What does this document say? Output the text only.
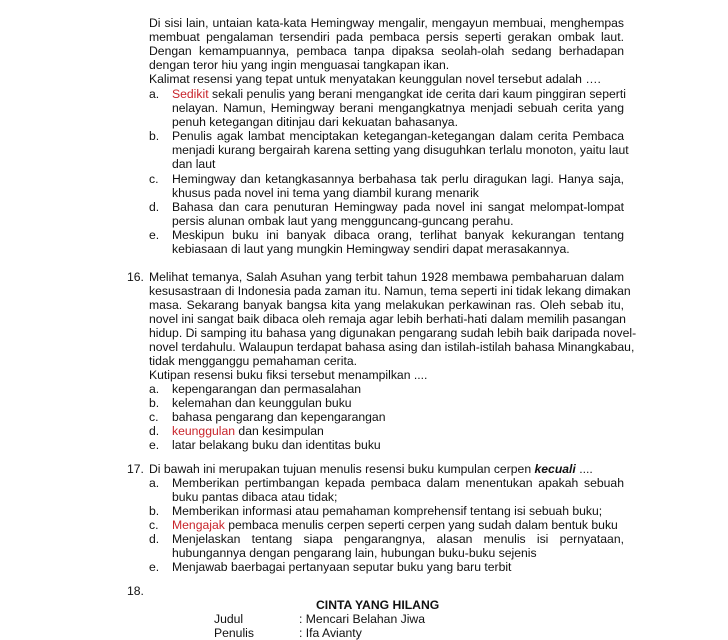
Di sisi lain, untaian kata-kata Hemingway mengalir, mengayun membuai, menghempas
membuat pengalaman tersendiri pada pembaca persis seperti gerakan ombak laut.
Dengan kemampuannya, pembaca tanpa dipaksa seolah-olah sedang berhadapan
dengan teror hiu yang ingin menguasai tangkapan ikan.
Kalimat resensi yang tepat untuk menyatakan keunggulan novel tersebut adalah ….
a. Sedikit sekali penulis yang berani mengangkat ide cerita dari kaum pinggiran seperti
nelayan. Namun, Hemingway berani mengangkatnya menjadi sebuah cerita yang
penuh ketegangan ditinjau dari kekuatan bahasanya.
b. Penulis agak lambat menciptakan ketegangan-ketegangan dalam cerita Pembaca
menjadi kurang bergairah karena setting yang disuguhkan terlalu monoton, yaitu laut
dan laut
c. Hemingway dan ketangkasannya berbahasa tak perlu diragukan lagi. Hanya saja,
khusus pada novel ini tema yang diambil kurang menarik
d. Bahasa dan cara penuturan Hemingway pada novel ini sangat melompat-lompat
persis alunan ombak laut yang mengguncang-guncang perahu.
e. Meskipun buku ini banyak dibaca orang, terlihat banyak kekurangan tentang
kebiasaan di laut yang mungkin Hemingway sendiri dapat merasakannya.
16. Melihat temanya, Salah Asuhan yang terbit tahun 1928 membawa pembaharuan dalam
kesusastraan di Indonesia pada zaman itu. Namun, tema seperti ini tidak lekang dimakan
masa. Sekarang banyak bangsa kita yang melakukan perkawinan ras. Oleh sebab itu,
novel ini sangat baik dibaca oleh remaja agar lebih berhati-hati dalam memilih pasangan
hidup. Di samping itu bahasa yang digunakan pengarang sudah lebih baik daripada novel-
novel terdahulu. Walaupun terdapat bahasa asing dan istilah-istilah bahasa Minangkabau,
tidak mengganggu pemahaman cerita.
Kutipan resensi buku fiksi tersebut menampilkan ....
a. kepengarangan dan permasalahan
b. kelemahan dan keunggulan buku
c. bahasa pengarang dan kepengarangan
d. keunggulan dan kesimpulan
e. latar belakang buku dan identitas buku
17. Di bawah ini merupakan tujuan menulis resensi buku kumpulan cerpen kecuali ....
a. Memberikan pertimbangan kepada pembaca dalam menentukan apakah sebuah
buku pantas dibaca atau tidak;
b. Memberikan informasi atau pemahaman komprehensif tentang isi sebuah buku;
c. Mengajak pembaca menulis cerpen seperti cerpen yang sudah dalam bentuk buku
d. Menjelaskan tentang siapa pengarangnya, alasan menulis isi pernyataan,
hubungannya dengan pengarang lain, hubungan buku-buku sejenis
e. Menjawab baerbagai pertanyaan seputar buku yang baru terbit
18.
CINTA YANG HILANG
Judul	: Mencari Belahan Jiwa
Penulis	: Ifa Avianty
